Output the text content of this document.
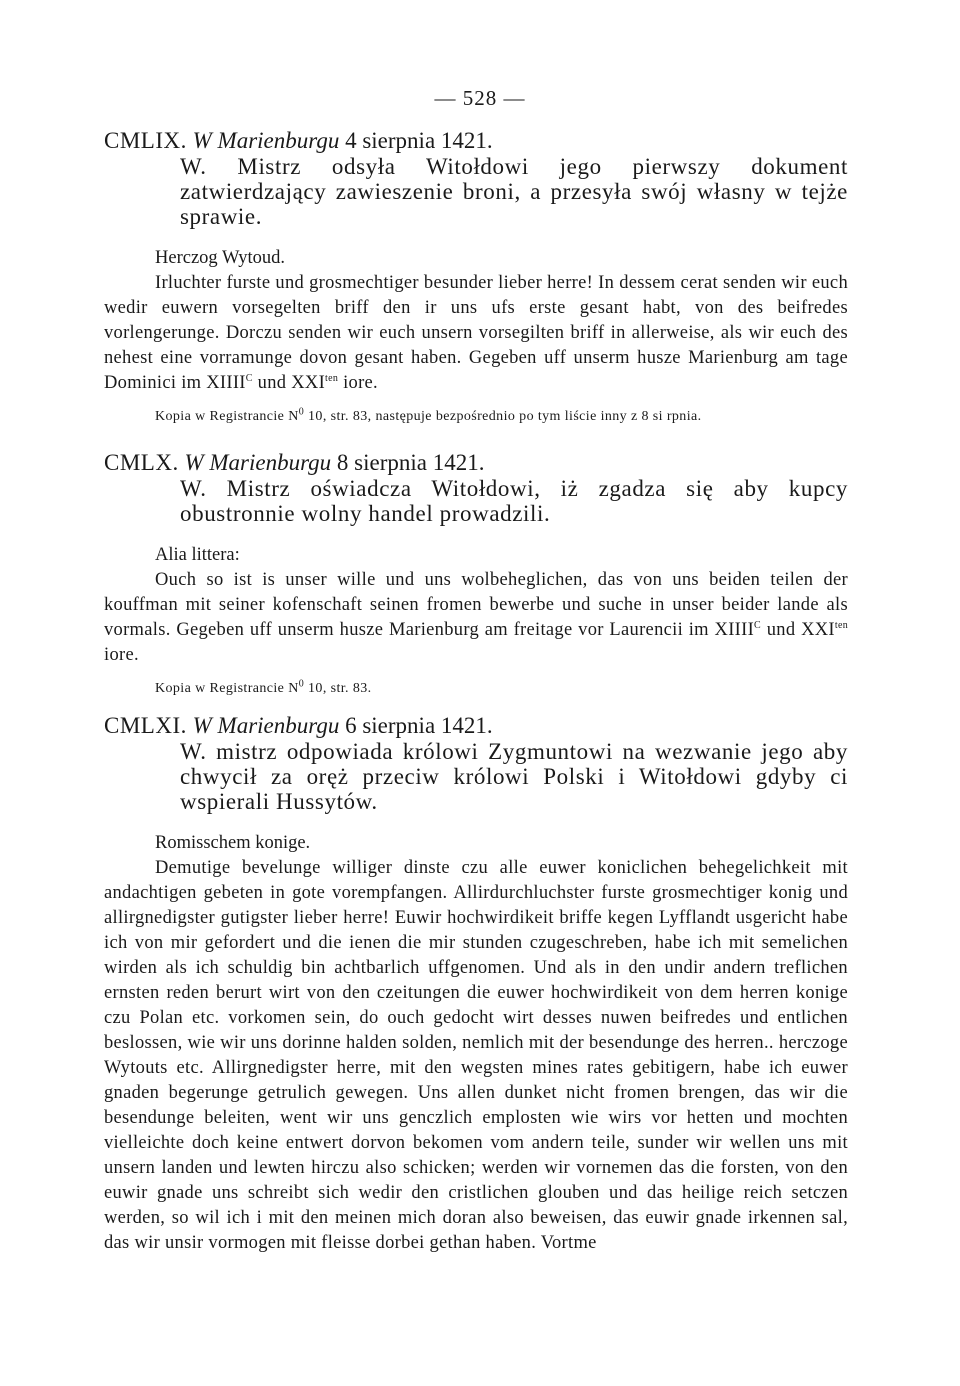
— 528 —

CMLIX. W Marienburgu 4 sierpnia 1421.

W. Mistrz odsyła Witołdowi jego pierwszy dokument zatwierdzający zawieszenie broni, a przesyła swój własny w tejże sprawie.

Herczog Wytoud.

Irluchter furste und grosmechtiger besunder lieber herre! In dessem cerat senden wir euch wedir euwern vorsegelten briff den ir uns ufs erste gesant habt, von des beifredes vorlengerunge. Dorczu senden wir euch unsern vorsegilten briff in allerweise, als wir euch des nehest eine vorramunge dovon gesant haben. Gegeben uff unserm husze Marienburg am tage Dominici im $XIIII^C$ und $XXI^{ten}$ iore.

Kopia w Registrancie $N^0$ 10, str. 83, następuje bezpośrednio po tym liście inny z 8 si rpnia.

CMLX. W Marienburgu 8 sierpnia 1421.

W. Mistrz oświadcza Witołdowi, iż zgadza się aby kupcy obustronnie wolny handel prowadzili.

Alia littera:

Ouch so ist is unser wille und uns wolbeheglichen, das von uns beiden teilen der kouffman mit seiner kofenschaft seinen fromen bewerbe und suche in unser beider lande als vormals. Gegeben uff unserm husze Marienburg am freitage vor Laurencii im $XIIII^C$ und $XXI^{ten}$ iore.

Kopia w Registrancie $N^0$ 10, str. 83.

CMLXI. W Marienburgu 6 sierpnia 1421.

W. mistrz odpowiada królowi Zygmuntowi na wezwanie jego aby chwycił za oręż przeciw królowi Polski i Witołdowi gdyby ci wspierali Hussytów.

Romisschem konige.

Demutige bevelunge williger dinste czu alle euwer koniclichen behegelichkeit mit andachtigen gebeten in gote vorempfangen. Allirdurchluchster furste grosmechtiger konig und allirgnedigster gutigster lieber herre! Euwir hochwirdikeit briffe kegen Lyfflandt usgericht habe ich von mir gefordert und die ienen die mir stunden czugeschreben, habe ich mit semelichen wirden als ich schuldig bin achtbarlich uffgenomen. Und als in den undir andern treflichen ernsten reden berurt wirt von den czeitungen die euwer hochwirdikeit von dem herren konige czu Polan etc. vorkomen sein, do ouch gedocht wirt desses nuwen beifredes und entlichen beslossen, wie wir uns dorinne halden solden, nemlich mit der besendunge des herren.. herczoge Wytouts etc. Allirgnedigster herre, mit den wegsten mines rates gebitigern, habe ich euwer gnaden begerunge getrulich gewegen. Uns allen dunket nicht fromen brengen, das wir die besendunge beleiten, went wir uns genczlich emplosten wie wirs vor hetten und mochten vielleichte doch keine entwert dorvon bekomen vom andern teile, sunder wir wellen uns mit unsern landen und lewten hirczu also schicken; werden wir vornemen das die forsten, von den euwir gnade uns schreibt sich wedir den cristlichen glouben und das heilige reich setczen werden, so wil ich i mit den meinen mich doran also beweisen, das euwir gnade irkennen sal, das wir unsir vormogen mit fleisse dorbei gethan haben. Vortme
